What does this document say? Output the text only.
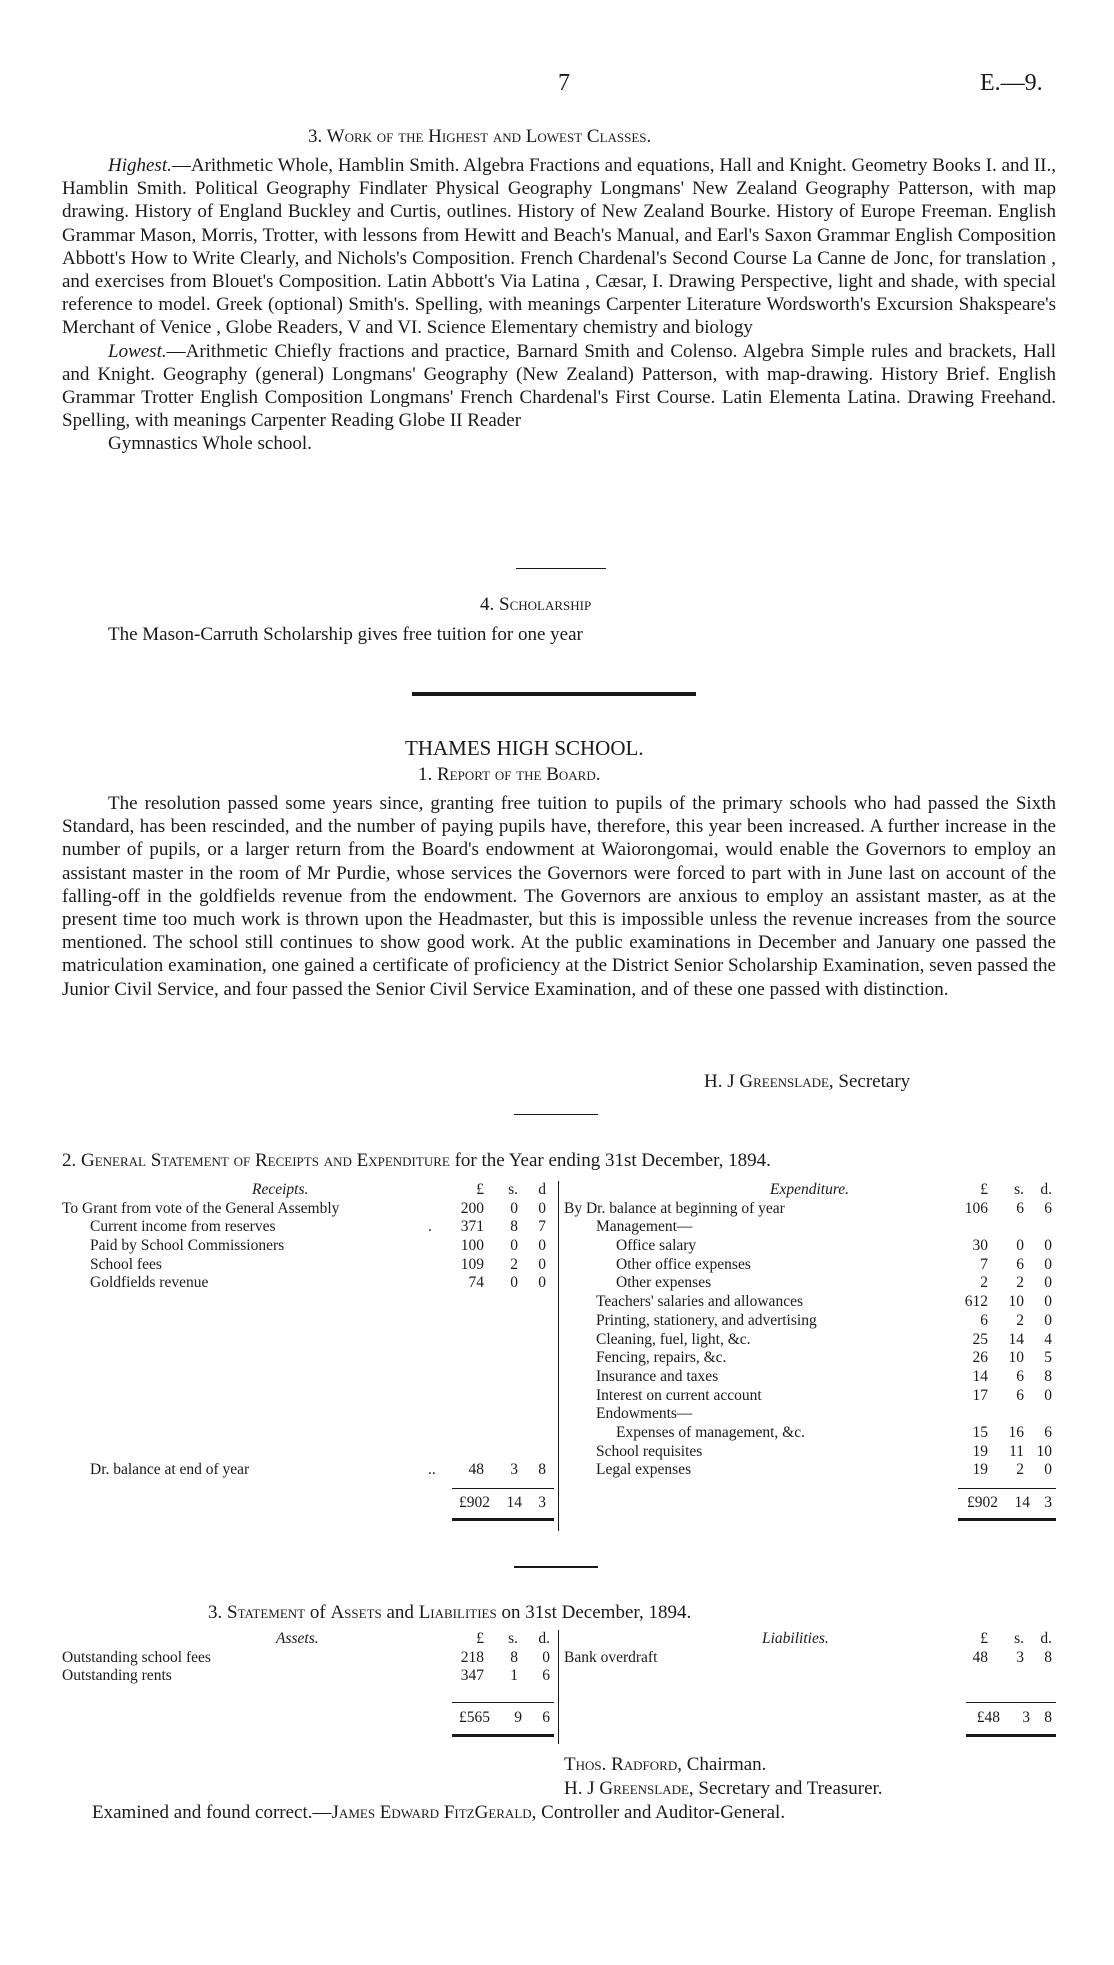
7	E.—9.
3. Work of the Highest and Lowest Classes.

Highest.—Arithmetic Whole, Hamblin Smith. Algebra Fractions and equations, Hall and Knight. Geometry Books I. and II., Hamblin Smith. Political Geography Findlater Physical Geography Longmans' New Zealand Geography Patterson, with map drawing. History of England Buckley and Curtis, outlines. History of New Zealand Bourke. History of Europe Freeman. English Grammar Mason, Morris, Trotter, with lessons from Hewitt and Beach's Manual, and Earl's Saxon Grammar English Composition Abbott's How to Write Clearly, and Nichols's Composition. French Chardenal's Second Course La Canne de Jonc, for translation , and exercises from Blouet's Composition. Latin Abbott's Via Latina , Cæsar, I. Drawing Perspective, light and shade, with special reference to model. Greek (optional) Smith's. Spelling, with meanings Carpenter Literature Wordsworth's Excursion Shakspeare's Merchant of Venice , Globe Readers, V and VI. Science Elementary chemistry and biology

Lowest.—Arithmetic Chiefly fractions and practice, Barnard Smith and Colenso. Algebra Simple rules and brackets, Hall and Knight. Geography (general) Longmans' Geography (New Zealand) Patterson, with map-drawing. History Brief. English Grammar Trotter English Composition Longmans' French Chardenal's First Course. Latin Elementa Latina. Drawing Freehand. Spelling, with meanings Carpenter Reading Globe II Reader

Gymnastics Whole school.

4. Scholarship
The Mason-Carruth Scholarship gives free tuition for one year
THAMES HIGH SCHOOL.
1. Report of the Board.

The resolution passed some years since, granting free tuition to pupils of the primary schools who had passed the Sixth Standard, has been rescinded, and the number of paying pupils have, therefore, this year been increased. A further increase in the number of pupils, or a larger return from the Board's endowment at Waiorongomai, would enable the Governors to employ an assistant master in the room of Mr Purdie, whose services the Governors were forced to part with in June last on account of the falling-off in the goldfields revenue from the endowment. The Governors are anxious to employ an assistant master, as at the present time too much work is thrown upon the Headmaster, but this is impossible unless the revenue increases from the source mentioned. The school still continues to show good work. At the public examinations in December and January one passed the matriculation examination, one gained a certificate of proficiency at the District Senior Scholarship Examination, seven passed the Junior Civil Service, and four passed the Senior Civil Service Examination, and of these one passed with distinction.

H. J Greenslade, Secretary
2. General Statement of Receipts and Expenditure for the Year ending 31st December, 1894.
Receipts.	£ s. d
To Grant from vote of the General Assembly	200 0 0
Current income from reserves	. 371 8 7
Paid by School Commissioners	100 0 0
School fees	109 2 0
Goldfields revenue	74 0 0
Dr. balance at end of year	.. 48 3 8
£902 14 3
Expenditure.	£ s. d.
By Dr. balance at beginning of year	106 6 6
Management—
Office salary	30 0 0
Other office expenses	7 6 0
Other expenses	2 2 0
Teachers' salaries and allowances	612 10 0
Printing, stationery, and advertising	6 2 0
Cleaning, fuel, light, &c.	25 14 4
Fencing, repairs, &c.	26 10 5
Insurance and taxes	14 6 8
Interest on current account	17 6 0
Endowments—
Expenses of management, &c.	15 16 6
School requisites	19 11 10
Legal expenses	19 2 0
£902 14 3
3. Statement of Assets and Liabilities on 31st December, 1894.
Assets.	£ s. d.
Outstanding school fees	218 8 0
Outstanding rents	347 1 6
£565 9 6
Liabilities.	£ s. d.
Bank overdraft	48 3 8
£48 3 8
Thos. Radford, Chairman.
H. J Greenslade, Secretary and Treasurer.
Examined and found correct.—James Edward FitzGerald, Controller and Auditor-General.
